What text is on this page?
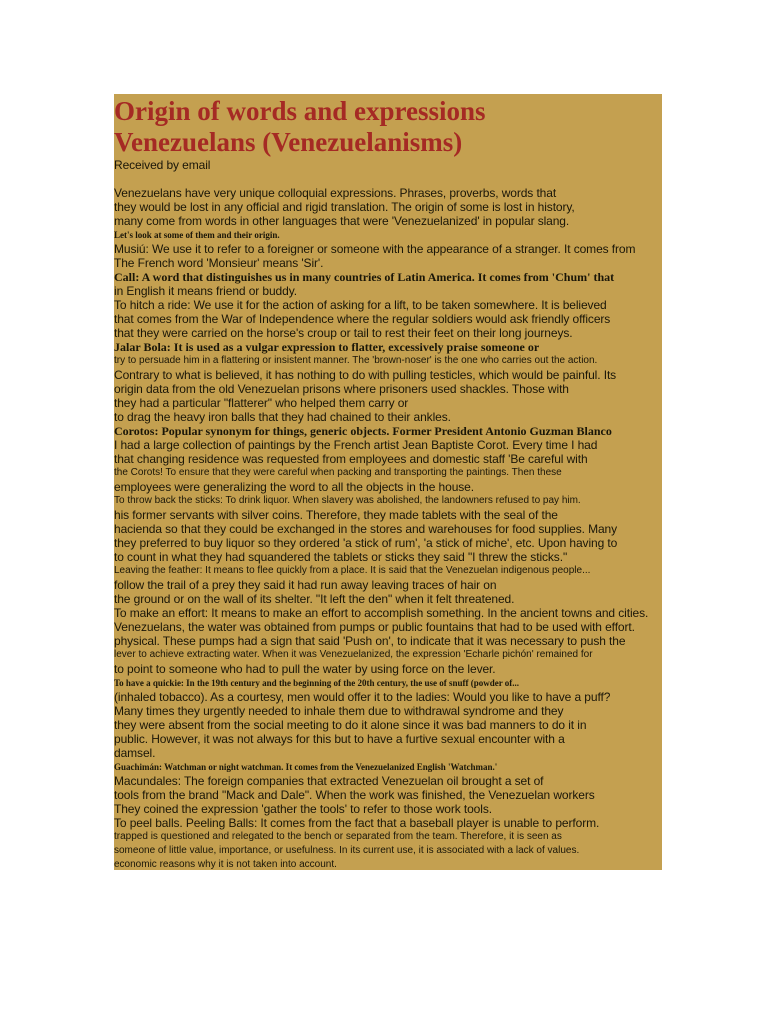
Origin of words and expressions
Venezuelans (Venezuelanisms)
Received by email
Venezuelans have very unique colloquial expressions. Phrases, proverbs, words that
they would be lost in any official and rigid translation. The origin of some is lost in history,
many come from words in other languages that were 'Venezuelanized' in popular slang.
Let's look at some of them and their origin.
Musiú: We use it to refer to a foreigner or someone with the appearance of a stranger. It comes from
The French word 'Monsieur' means 'Sir'.
Call: A word that distinguishes us in many countries of Latin America. It comes from 'Chum' that
in English it means friend or buddy.
To hitch a ride: We use it for the action of asking for a lift, to be taken somewhere. It is believed
that comes from the War of Independence where the regular soldiers would ask friendly officers
that they were carried on the horse's croup or tail to rest their feet on their long journeys.
Jalar Bola: It is used as a vulgar expression to flatter, excessively praise someone or
try to persuade him in a flattering or insistent manner. The 'brown-noser' is the one who carries out the action.
Contrary to what is believed, it has nothing to do with pulling testicles, which would be painful. Its
origin data from the old Venezuelan prisons where prisoners used shackles. Those with
they had a particular "flatterer" who helped them carry or
to drag the heavy iron balls that they had chained to their ankles.
Corotos: Popular synonym for things, generic objects. Former President Antonio Guzman Blanco
I had a large collection of paintings by the French artist Jean Baptiste Corot. Every time I had
that changing residence was requested from employees and domestic staff 'Be careful with
the Corots! To ensure that they were careful when packing and transporting the paintings. Then these
employees were generalizing the word to all the objects in the house.
To throw back the sticks: To drink liquor. When slavery was abolished, the landowners refused to pay him.
his former servants with silver coins. Therefore, they made tablets with the seal of the
hacienda so that they could be exchanged in the stores and warehouses for food supplies. Many
they preferred to buy liquor so they ordered 'a stick of rum', 'a stick of miche', etc. Upon having to
to count in what they had squandered the tablets or sticks they said "I threw the sticks."
Leaving the feather: It means to flee quickly from a place. It is said that the Venezuelan indigenous people...
follow the trail of a prey they said it had run away leaving traces of hair on
the ground or on the wall of its shelter. "It left the den" when it felt threatened.
To make an effort: It means to make an effort to accomplish something. In the ancient towns and cities.
Venezuelans, the water was obtained from pumps or public fountains that had to be used with effort.
physical. These pumps had a sign that said 'Push on', to indicate that it was necessary to push the
lever to achieve extracting water. When it was Venezuelanized, the expression 'Echarle pichón' remained for
to point to someone who had to pull the water by using force on the lever.
To have a quickie: In the 19th century and the beginning of the 20th century, the use of snuff (powder of...
(inhaled tobacco). As a courtesy, men would offer it to the ladies: Would you like to have a puff?
Many times they urgently needed to inhale them due to withdrawal syndrome and they
they were absent from the social meeting to do it alone since it was bad manners to do it in
public. However, it was not always for this but to have a furtive sexual encounter with a
damsel.
Guachimán: Watchman or night watchman. It comes from the Venezuelanized English 'Watchman.'
Macundales: The foreign companies that extracted Venezuelan oil brought a set of
tools from the brand "Mack and Dale". When the work was finished, the Venezuelan workers
They coined the expression 'gather the tools' to refer to those work tools.
To peel balls. Peeling Balls: It comes from the fact that a baseball player is unable to perform.
trapped is questioned and relegated to the bench or separated from the team. Therefore, it is seen as
someone of little value, importance, or usefulness. In its current use, it is associated with a lack of values.
economic reasons why it is not taken into account.
